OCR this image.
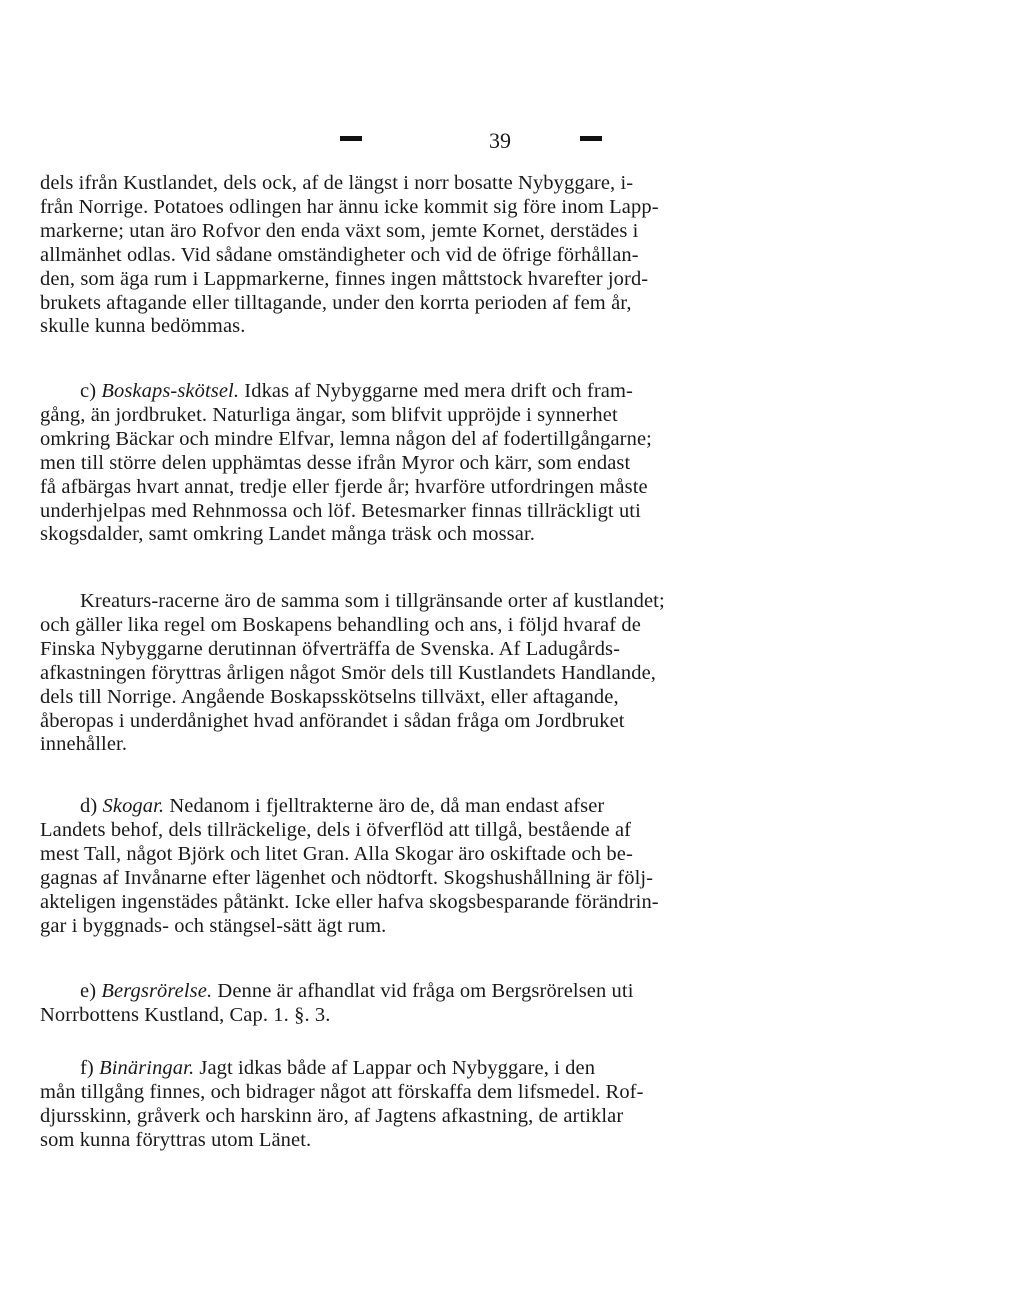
39
dels ifrån Kustlandet, dels ock, af de längst i norr bosatte Nybyggare, i-
från Norrige. Potatoes odlingen har ännu icke kommit sig före inom Lapp-
markerne; utan äro Rofvor den enda växt som, jemte Kornet, derstädes i
allmänhet odlas. Vid sådane omständigheter och vid de öfrige förhållan-
den, som äga rum i Lappmarkerne, finnes ingen måttstock hvarefter jord-
brukets aftagande eller tilltagande, under den korrta perioden af fem år,
skulle kunna bedömmas.
c) Boskaps-skötsel. Idkas af Nybyggarne med mera drift och fram-
gång, än jordbruket. Naturliga ängar, som blifvit uppröjde i synnerhet
omkring Bäckar och mindre Elfvar, lemna någon del af fodertillgångarne;
men till större delen upphämtas desse ifrån Myror och kärr, som endast
få afbärgas hvart annat, tredje eller fjerde år; hvarföre utfordringen måste
underhjelpas med Rehnmossa och löf. Betesmarker finnas tillräckligt uti
skogsdalder, samt omkring Landet många träsk och mossar.
Kreaturs-racerne äro de samma som i tillgränsande orter af kustlandet;
och gäller lika regel om Boskapens behandling och ans, i följd hvaraf de
Finska Nybyggarne derutinnan öfverträffa de Svenska. Af Ladugårds-
afkastningen föryttras årligen något Smör dels till Kustlandets Handlande,
dels till Norrige. Angående Boskapsskötselns tillväxt, eller aftagande,
åberopas i underdånighet hvad anförandet i sådan fråga om Jordbruket
innehåller.
d) Skogar. Nedanom i fjelltrakterne äro de, då man endast afser
Landets behof, dels tillräckelige, dels i öfverflöd att tillgå, bestående af
mest Tall, något Björk och litet Gran. Alla Skogar äro oskiftade och be-
gagnas af Invånarne efter lägenhet och nödtorft. Skogshushållning är följ-
akteligen ingenstädes påtänkt. Icke eller hafva skogsbesparande förändrin-
gar i byggnads- och stängsel-sätt ägt rum.
e) Bergsrörelse. Denne är afhandlat vid fråga om Bergsrörelsen uti
Norrbottens Kustland, Cap. 1. §. 3.
f) Binäringar. Jagt idkas både af Lappar och Nybyggare, i den
mån tillgång finnes, och bidrager något att förskaffa dem lifsmedel. Rof-
djursskinn, gråverk och harskinn äro, af Jagtens afkastning, de artiklar
som kunna föryttras utom Länet.
